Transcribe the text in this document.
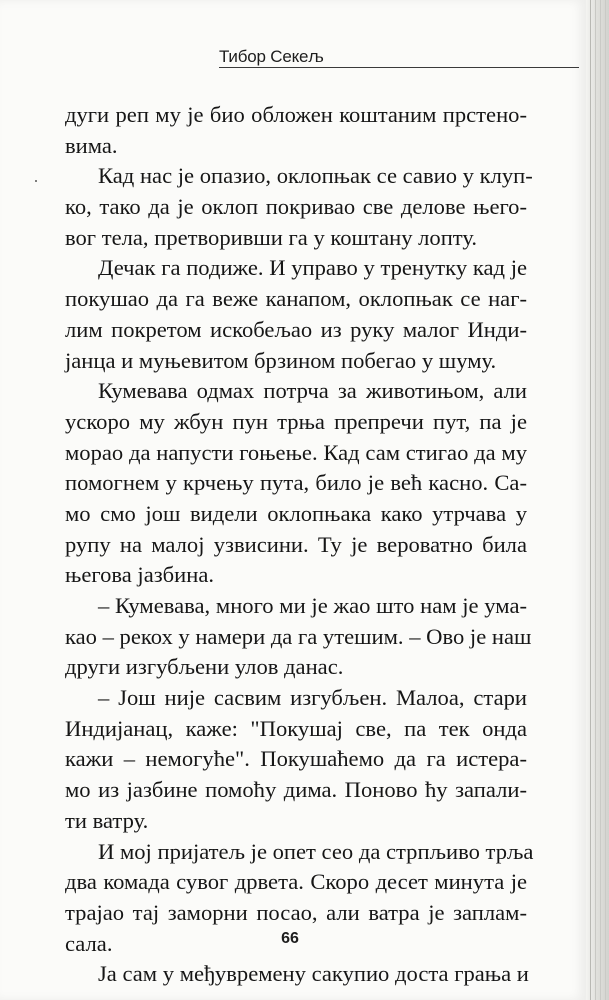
Тибор Секељ
дуги реп му је био обложен коштаним прстено-
вима.
Кад нас је опазио, оклопњак се савио у клуп-
ко, тако да је оклоп покривао све делове њего-
вог тела, претворивши га у коштану лопту.
Дечак га подиже. И управо у тренутку кад је
покушао да га веже канапом, оклопњак се наг-
лим покретом искобељао из руку малог Инди-
јанца и муњевитом брзином побегао у шуму.
Кумевава одмах потрча за животињом, али
ускоро му жбун пун трња препречи пут, па је
морао да напусти гоњење. Кад сам стигао да му
помогнем у крчењу пута, било је већ касно. Са-
мо смо још видели оклопњака како утрчава у
рупу на малој узвисини. Ту је вероватно била
његова јазбина.
– Кумевава, много ми је жао што нам је ума-
као – рекох у намери да га утешим. – Ово је наш
други изгубљени улов данас.
– Још није сасвим изгубљен. Малоа, стари
Индијанац, каже: "Покушај све, па тек онда
кажи – немогуће". Покушаћемо да га истера-
мо из јазбине помоћу дима. Поново ћу запали-
ти ватру.
И мој пријатељ је опет сео да стрпљиво трља
два комада сувог дрвета. Скоро десет минута је
трајао тај заморни посао, али ватра је заплам-
сала.
Ја сам у међувремену сакупио доста грања и
66
